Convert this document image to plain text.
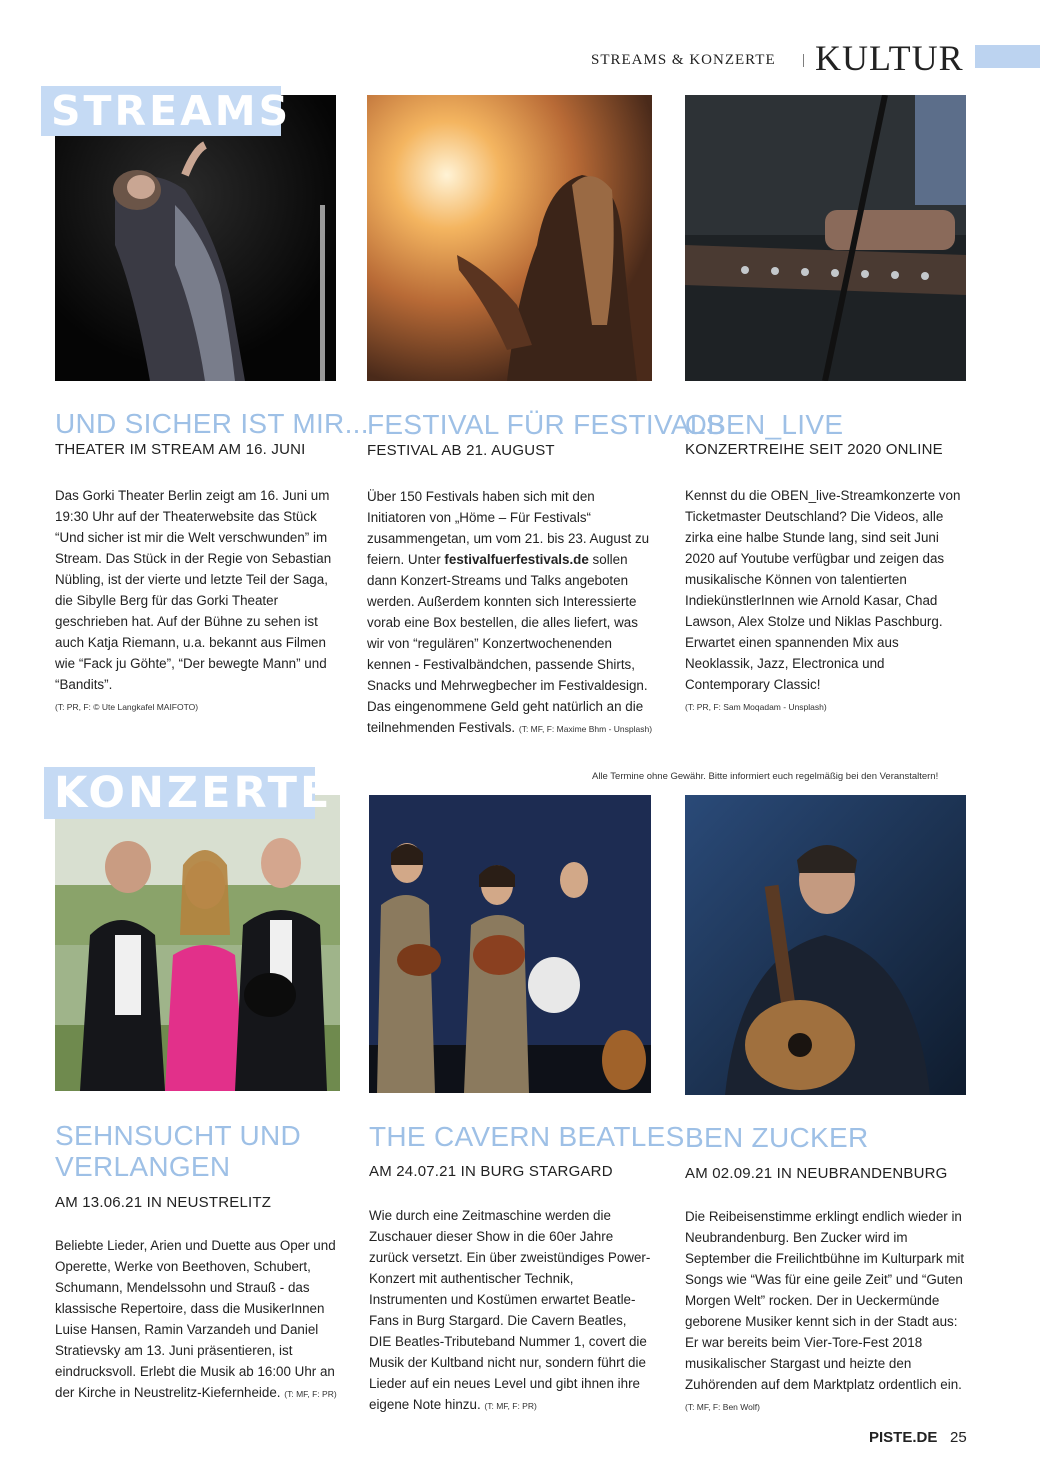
STREAMS & KONZERTE	| KULTUR
STREAMS
UND SICHER IST MIR...
THEATER IM STREAM AM 16. JUNI
Das Gorki Theater Berlin zeigt am 16. Juni um 19:30 Uhr auf der Theaterwebsite das Stück “Und sicher ist mir die Welt verschwunden” im Stream. Das Stück in der Regie von Sebastian Nübling, ist der vierte und letzte Teil der Saga, die Sibylle Berg für das Gorki Theater geschrieben hat. Auf der Bühne zu sehen ist auch Katja Riemann, u.a. bekannt aus Filmen wie “Fack ju Göhte”, “Der bewegte Mann” und “Bandits”.
(T: PR, F: © Ute Langkafel MAIFOTO)
FESTIVAL FÜR FESTIVALS
FESTIVAL AB 21. AUGUST
Über 150 Festivals haben sich mit den Initiatoren von „Höme – Für Festivals“ zusammengetan, um vom 21. bis 23. August zu feiern. Unter festivalfuerfestivals.de sollen dann Konzert-Streams und Talks angeboten werden. Außerdem konnten sich Interessierte vorab eine Box bestellen, die alles liefert, was wir von “regulären” Konzertwochenenden kennen - Festivalbändchen, passende Shirts, Snacks und Mehrwegbecher im Festivaldesign. Das eingenommene Geld geht natürlich an die teilnehmenden Festivals. (T: MF, F: Maxime Bhm - Unsplash)
OBEN_LIVE
KONZERTREIHE SEIT 2020 ONLINE
Kennst du die OBEN_live-Streamkonzerte von Ticketmaster Deutschland? Die Videos, alle zirka eine halbe Stunde lang, sind seit Juni 2020 auf Youtube verfügbar und zeigen das musikalische Können von talentierten IndiekünstlerInnen wie Arnold Kasar, Chad Lawson, Alex Stolze und Niklas Paschburg. Erwartet einen spannenden Mix aus Neoklassik, Jazz, Electronica und Contemporary Classic!
(T: PR, F: Sam Moqadam - Unsplash)
Alle Termine ohne Gewähr. Bitte informiert euch regelmäßig bei den Veranstaltern!
KONZERTE
SEHNSUCHT UND VERLANGEN
AM 13.06.21 IN NEUSTRELITZ
Beliebte Lieder, Arien und Duette aus Oper und Operette, Werke von Beethoven, Schubert, Schumann, Mendelssohn und Strauß - das klassische Repertoire, dass die MusikerInnen Luise Hansen, Ramin Varzandeh und Daniel Stratievsky am 13. Juni präsentieren, ist eindrucksvoll. Erlebt die Musik ab 16:00 Uhr an der Kirche in Neustrelitz-Kiefernheide. (T: MF, F: PR)
THE CAVERN BEATLES
AM 24.07.21 IN BURG STARGARD
Wie durch eine Zeitmaschine werden die Zuschauer dieser Show in die 60er Jahre zurück versetzt. Ein über zweistündiges Power-Konzert mit authentischer Technik, Instrumenten und Kostümen erwartet Beatle-Fans in Burg Stargard. Die Cavern Beatles, DIE Beatles-Tributeband Nummer 1, covert die Musik der Kultband nicht nur, sondern führt die Lieder auf ein neues Level und gibt ihnen ihre eigene Note hinzu. (T: MF, F: PR)
BEN ZUCKER
AM 02.09.21 IN NEUBRANDENBURG
Die Reibeisenstimme erklingt endlich wieder in Neubrandenburg. Ben Zucker wird im September die Freilichtbühne im Kulturpark mit Songs wie “Was für eine geile Zeit” und “Guten Morgen Welt” rocken. Der in Ueckermünde geborene Musiker kennt sich in der Stadt aus: Er war bereits beim Vier-Tore-Fest 2018 musikalischer Stargast und heizte den Zuhörenden auf dem Marktplatz ordentlich ein. (T: MF, F: Ben Wolf)
PISTE.DE 25
